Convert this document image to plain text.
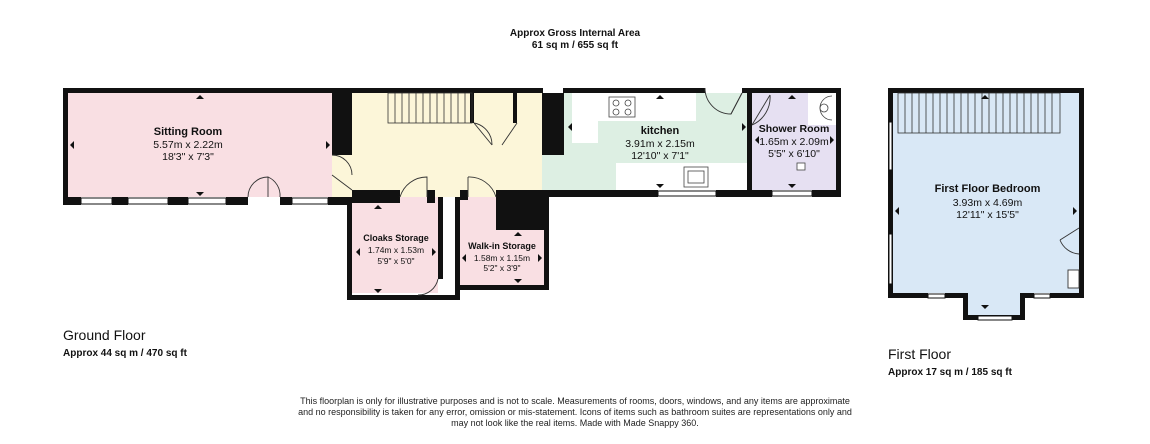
Approx Gross Internal Area
61 sq m / 655 sq ft
Sitting Room
5.57m x 2.22m
18'3" x 7'3"
kitchen
3.91m x 2.15m
12'10" x 7'1"
Shower Room
1.65m x 2.09m
5'5" x 6'10"
Cloaks Storage
1.74m x 1.53m
5'9" x 5'0"
Walk-in Storage
1.58m x 1.15m
5'2" x 3'9"
First Floor Bedroom
3.93m x 4.69m
12'11" x 15'5"
Ground Floor
Approx 44 sq m / 470 sq ft	First Floor
Approx 17 sq m / 185 sq ft
This floorplan is only for illustrative purposes and is not to scale. Measurements of rooms, doors, windows, and any items are approximate
and no responsibility is taken for any error, omission or mis-statement. Icons of items such as bathroom suites are representations only and
may not look like the real items. Made with Made Snappy 360.
